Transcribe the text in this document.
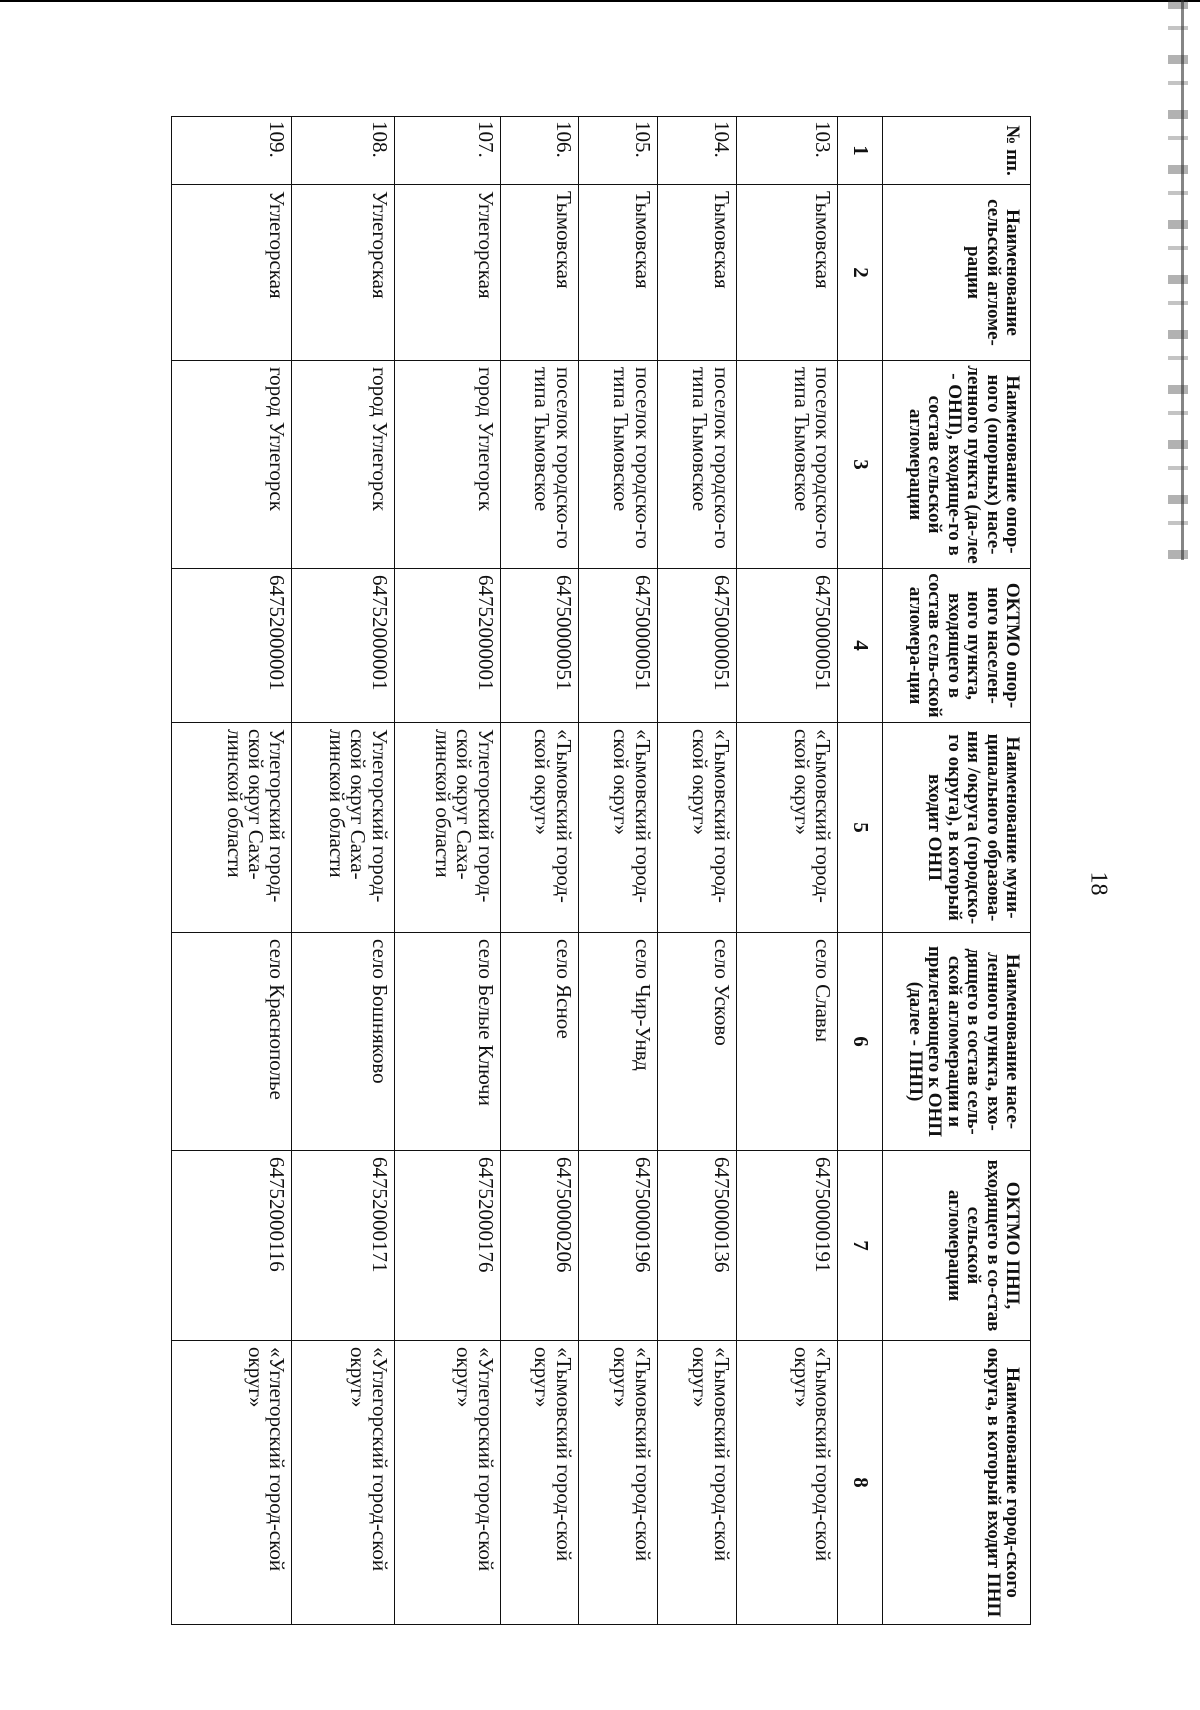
18
№ пп.	Наименование сельской агломе-рации	Наименование опор-ного (опорных) насе-ленного пункта (да-лее - ОНП), входяще-го в состав сельской агломерации	ОКТМО опор-ного населен-ного пункта, входящего в состав сель-ской агломера-ции	Наименование муни-ципального образова-ния /округа (городско-го округа), в который входит ОНП	Наименование насе-ленного пункта, вхо-дящего в состав сель-ской агломерации и прилегающего к ОНП (далее - ПНП)	ОКТМО ПНП, входящего в со-став сельской агломерации	Наименование город-ского округа, в который входит ПНП
1	2	3	4	5	6	7	8
103.	Тымовская	поселок городско-го типа Тымовское	64750000051	«Тымовский город-ской округ»	село Славы	64750000191	«Тымовский город-ской округ»
104.	Тымовская	поселок городско-го типа Тымовское	64750000051	«Тымовский город-ской округ»	село Усково	64750000136	«Тымовский город-ской округ»
105.	Тымовская	поселок городско-го типа Тымовское	64750000051	«Тымовский город-ской округ»	село Чир-Унвд	64750000196	«Тымовский город-ской округ»
106.	Тымовская	поселок городско-го типа Тымовское	64750000051	«Тымовский город-ской округ»	село Ясное	64750000206	«Тымовский город-ской округ»
107.	Углегорская	город Углегорск	64752000001	Углегорский город-ской округ Саха-линской области	село Белые Ключи	64752000176	«Углегорский город-ской округ»
108.	Углегорская	город Углегорск	64752000001	Углегорский город-ской округ Саха-линской области	село Бошняково	64752000171	«Углегорский город-ской округ»
109.	Углегорская	город Углегорск	64752000001	Углегорский город-ской округ Саха-линской области	село Краснополье	64752000116	«Углегорский город-ской округ»
